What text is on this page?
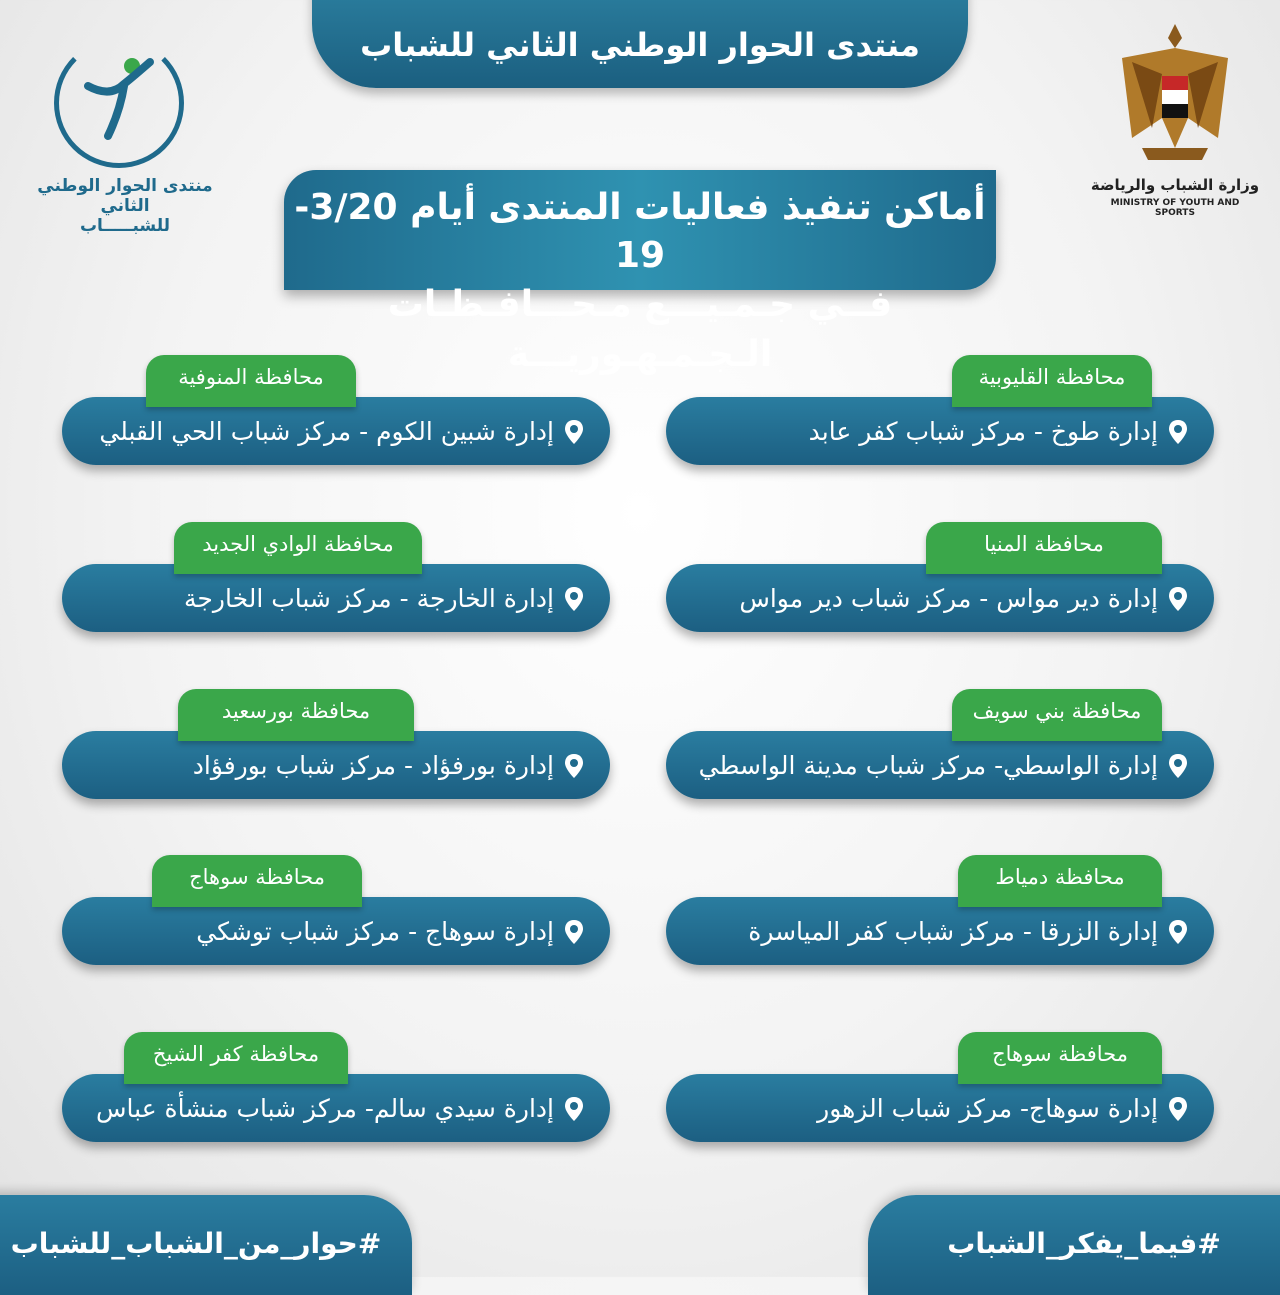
منتدى الحوار الوطني الثاني للشباب
منتدى الحوار الوطني الثاني
للشبـــــاب
وزارة الشباب والرياضة
MINISTRY OF YOUTH AND SPORTS
أماكن تنفيذ فعاليات المنتدى أيام 3/20-19
فــي جـمـيـــع مـحـــافـظـات الـجـمـهـوريـــة
إدارة طوخ - مركز شباب كفر عابد
محافظة القليوبية
إدارة دير مواس - مركز شباب دير مواس
محافظة المنيا
إدارة الواسطي- مركز شباب مدينة الواسطي
محافظة بني سويف
إدارة الزرقا - مركز شباب كفر المياسرة
محافظة دمياط
إدارة سوهاج- مركز شباب الزهور
محافظة سوهاج
إدارة شبين الكوم - مركز شباب الحي القبلي
محافظة المنوفية
إدارة الخارجة - مركز شباب الخارجة
محافظة الوادي الجديد
إدارة بورفؤاد - مركز شباب بورفؤاد
محافظة بورسعيد
إدارة سوهاج - مركز شباب توشكي
محافظة سوهاج
إدارة سيدي سالم- مركز شباب منشأة عباس
محافظة كفر الشيخ
#حوار_من_الشباب_للشباب	#فيما_يفكر_الشباب
